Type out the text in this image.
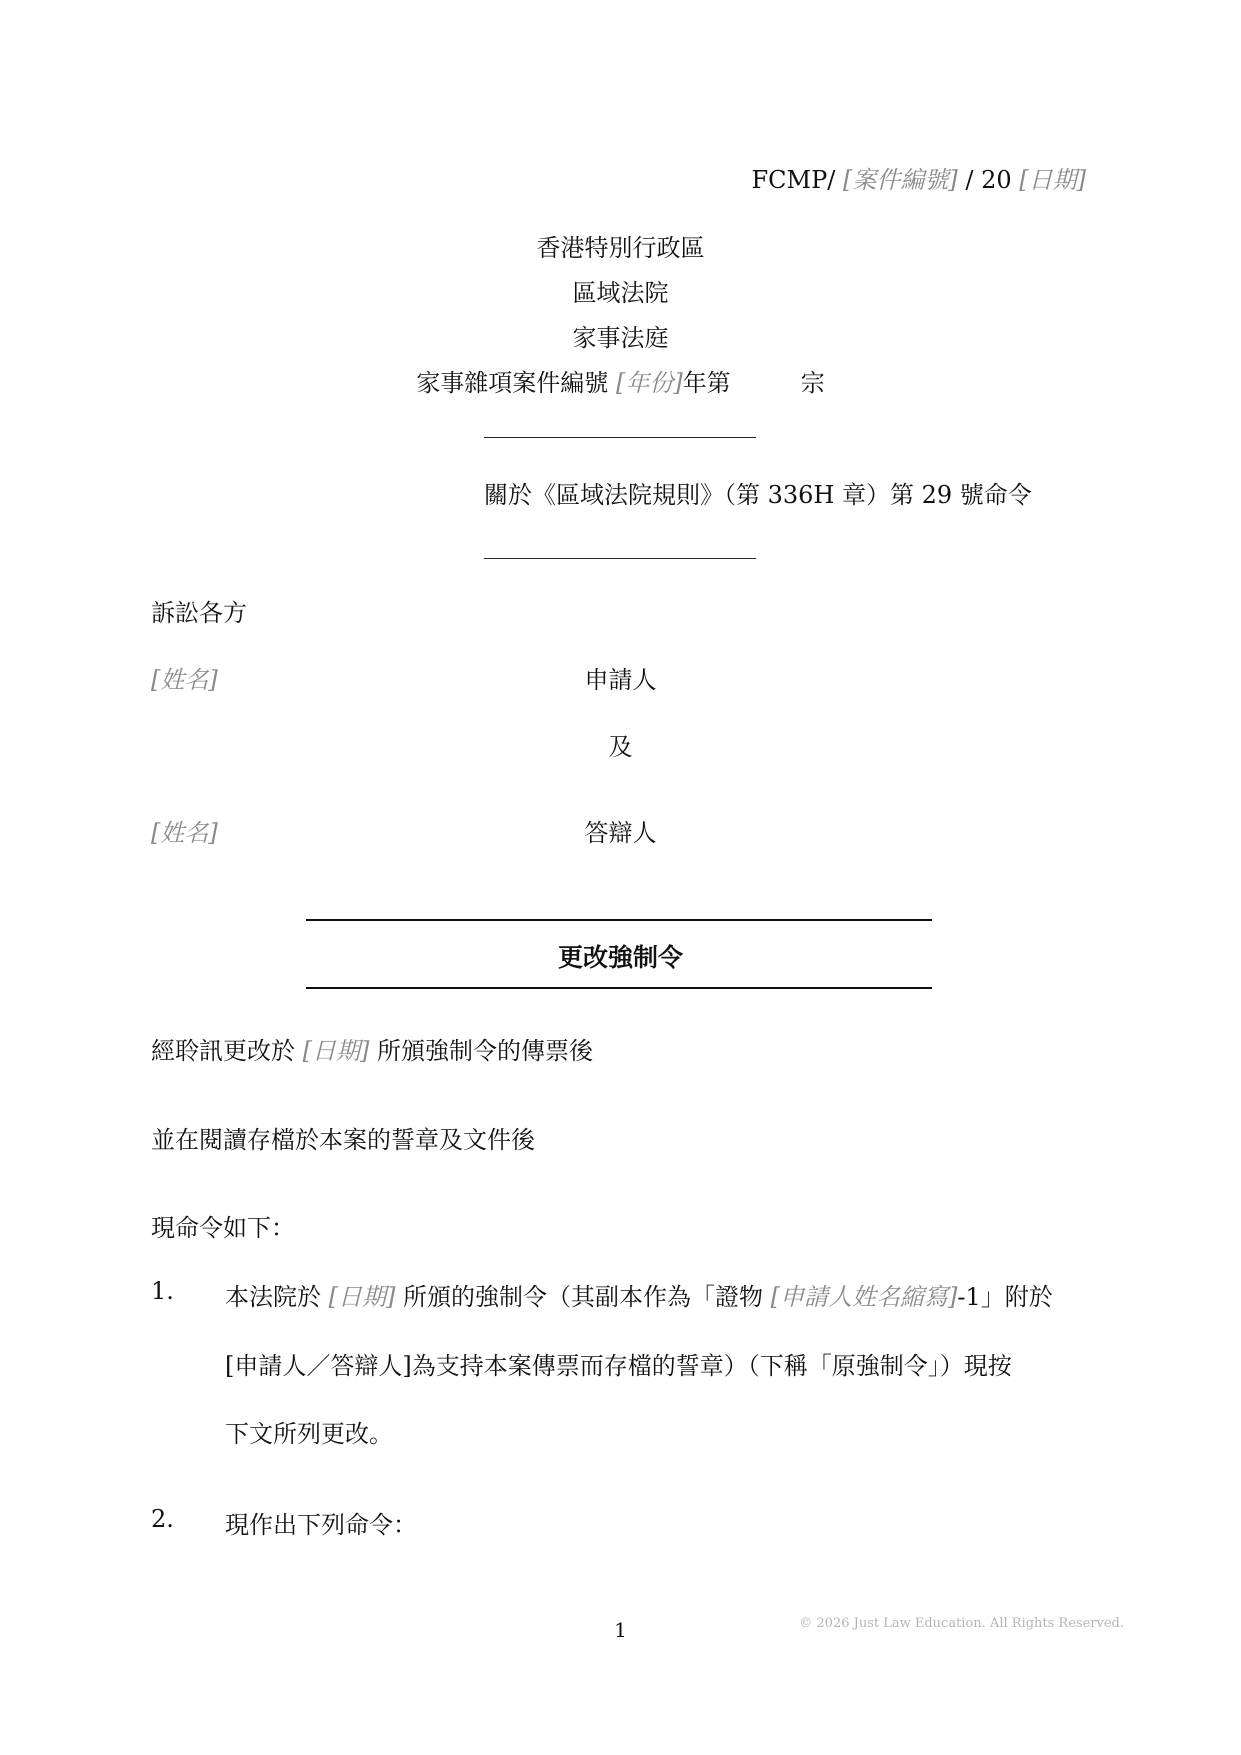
FCMP/ [案件編號] / 20 [日期]
香港特別行政區
區域法院
家事法庭
家事雜項案件編號 [年份]年第	宗
關於《區域法院規則》（第 336H 章）第 29 號命令
訴訟各方
[姓名]	申請人
及
[姓名]	答辯人
更改強制令
經聆訊更改於 [日期] 所頒強制令的傳票後
並在閱讀存檔於本案的誓章及文件後
現命令如下：
1. 本法院於 [日期] 所頒的強制令（其副本作為「證物 [申請人姓名縮寫]-1」附於
[申請人／答辯人]為支持本案傳票而存檔的誓章）（下稱「原強制令」）現按
下文所列更改。
2. 現作出下列命令：
1	© 2026 Just Law Education. All Rights Reserved.
